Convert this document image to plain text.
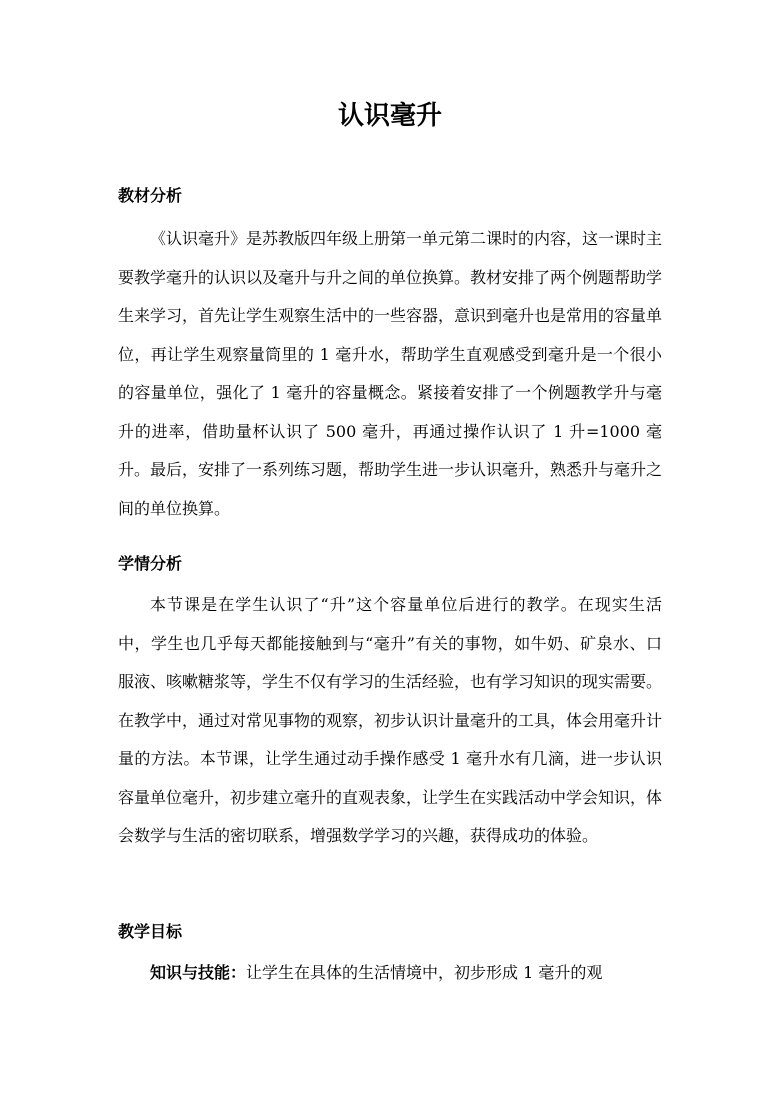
认识毫升
教材分析

《认识毫升》是苏教版四年级上册第一单元第二课时的内容，这一课时主要教学毫升的认识以及毫升与升之间的单位换算。教材安排了两个例题帮助学生来学习，首先让学生观察生活中的一些容器，意识到毫升也是常用的容量单位，再让学生观察量筒里的 1 毫升水，帮助学生直观感受到毫升是一个很小的容量单位，强化了 1 毫升的容量概念。紧接着安排了一个例题教学升与毫升的进率，借助量杯认识了 500 毫升，再通过操作认识了 1 升=1000 毫升。最后，安排了一系列练习题，帮助学生进一步认识毫升，熟悉升与毫升之间的单位换算。

学情分析

本节课是在学生认识了“升”这个容量单位后进行的教学。在现实生活中，学生也几乎每天都能接触到与“毫升”有关的事物，如牛奶、矿泉水、口服液、咳嗽糖浆等，学生不仅有学习的生活经验，也有学习知识的现实需要。在教学中，通过对常见事物的观察，初步认识计量毫升的工具，体会用毫升计量的方法。本节课，让学生通过动手操作感受 1 毫升水有几滴，进一步认识容量单位毫升，初步建立毫升的直观表象，让学生在实践活动中学会知识，体会数学与生活的密切联系，增强数学学习的兴趣，获得成功的体验。

教学目标

知识与技能：让学生在具体的生活情境中，初步形成 1 毫升的观
